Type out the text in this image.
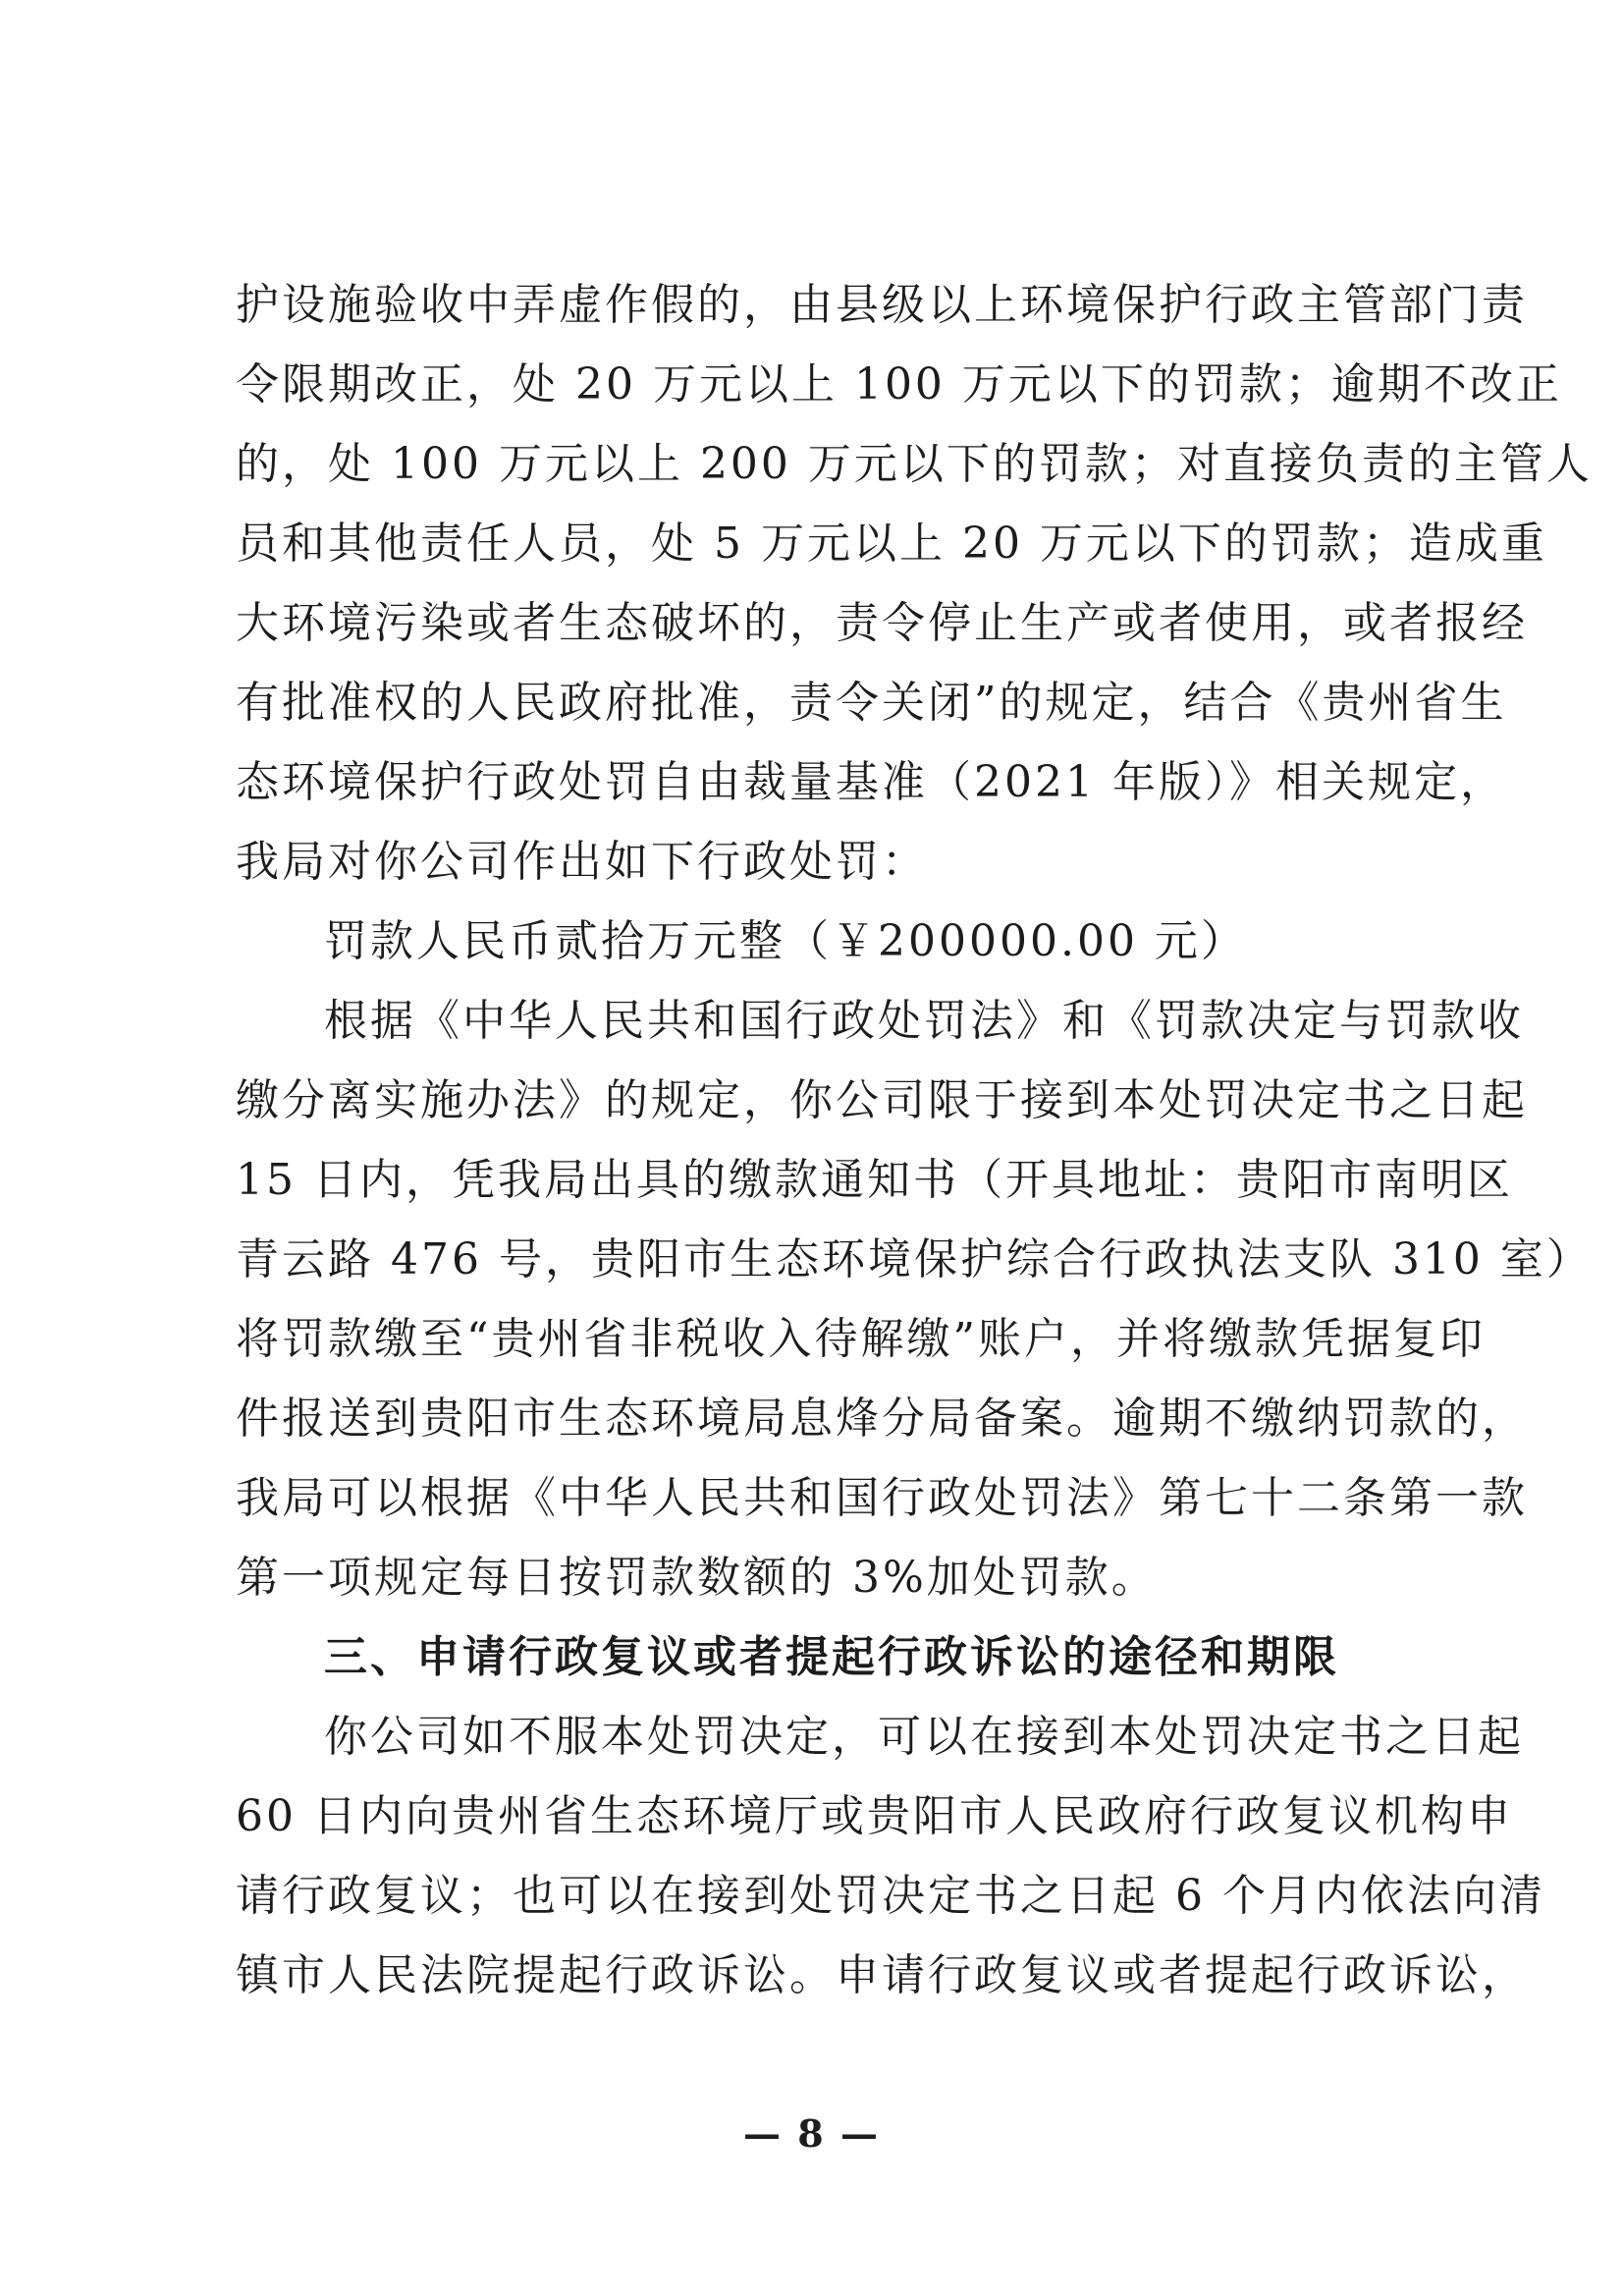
护设施验收中弄虚作假的，由县级以上环境保护行政主管部门责
令限期改正，处 20 万元以上 100 万元以下的罚款；逾期不改正
的，处 100 万元以上 200 万元以下的罚款；对直接负责的主管人
员和其他责任人员，处 5 万元以上 20 万元以下的罚款；造成重
大环境污染或者生态破坏的，责令停止生产或者使用，或者报经
有批准权的人民政府批准，责令关闭”的规定，结合《贵州省生
态环境保护行政处罚自由裁量基准（2021 年版）》相关规定，
我局对你公司作出如下行政处罚：
罚款人民币贰拾万元整（￥200000.00 元）
根据《中华人民共和国行政处罚法》和《罚款决定与罚款收
缴分离实施办法》的规定，你公司限于接到本处罚决定书之日起
15 日内，凭我局出具的缴款通知书（开具地址：贵阳市南明区
青云路 476 号，贵阳市生态环境保护综合行政执法支队 310 室）
将罚款缴至“贵州省非税收入待解缴”账户，并将缴款凭据复印
件报送到贵阳市生态环境局息烽分局备案。逾期不缴纳罚款的，
我局可以根据《中华人民共和国行政处罚法》第七十二条第一款
第一项规定每日按罚款数额的 3%加处罚款。
三、申请行政复议或者提起行政诉讼的途径和期限
你公司如不服本处罚决定，可以在接到本处罚决定书之日起
60 日内向贵州省生态环境厅或贵阳市人民政府行政复议机构申
请行政复议；也可以在接到处罚决定书之日起 6 个月内依法向清
镇市人民法院提起行政诉讼。申请行政复议或者提起行政诉讼，
— 8 —
